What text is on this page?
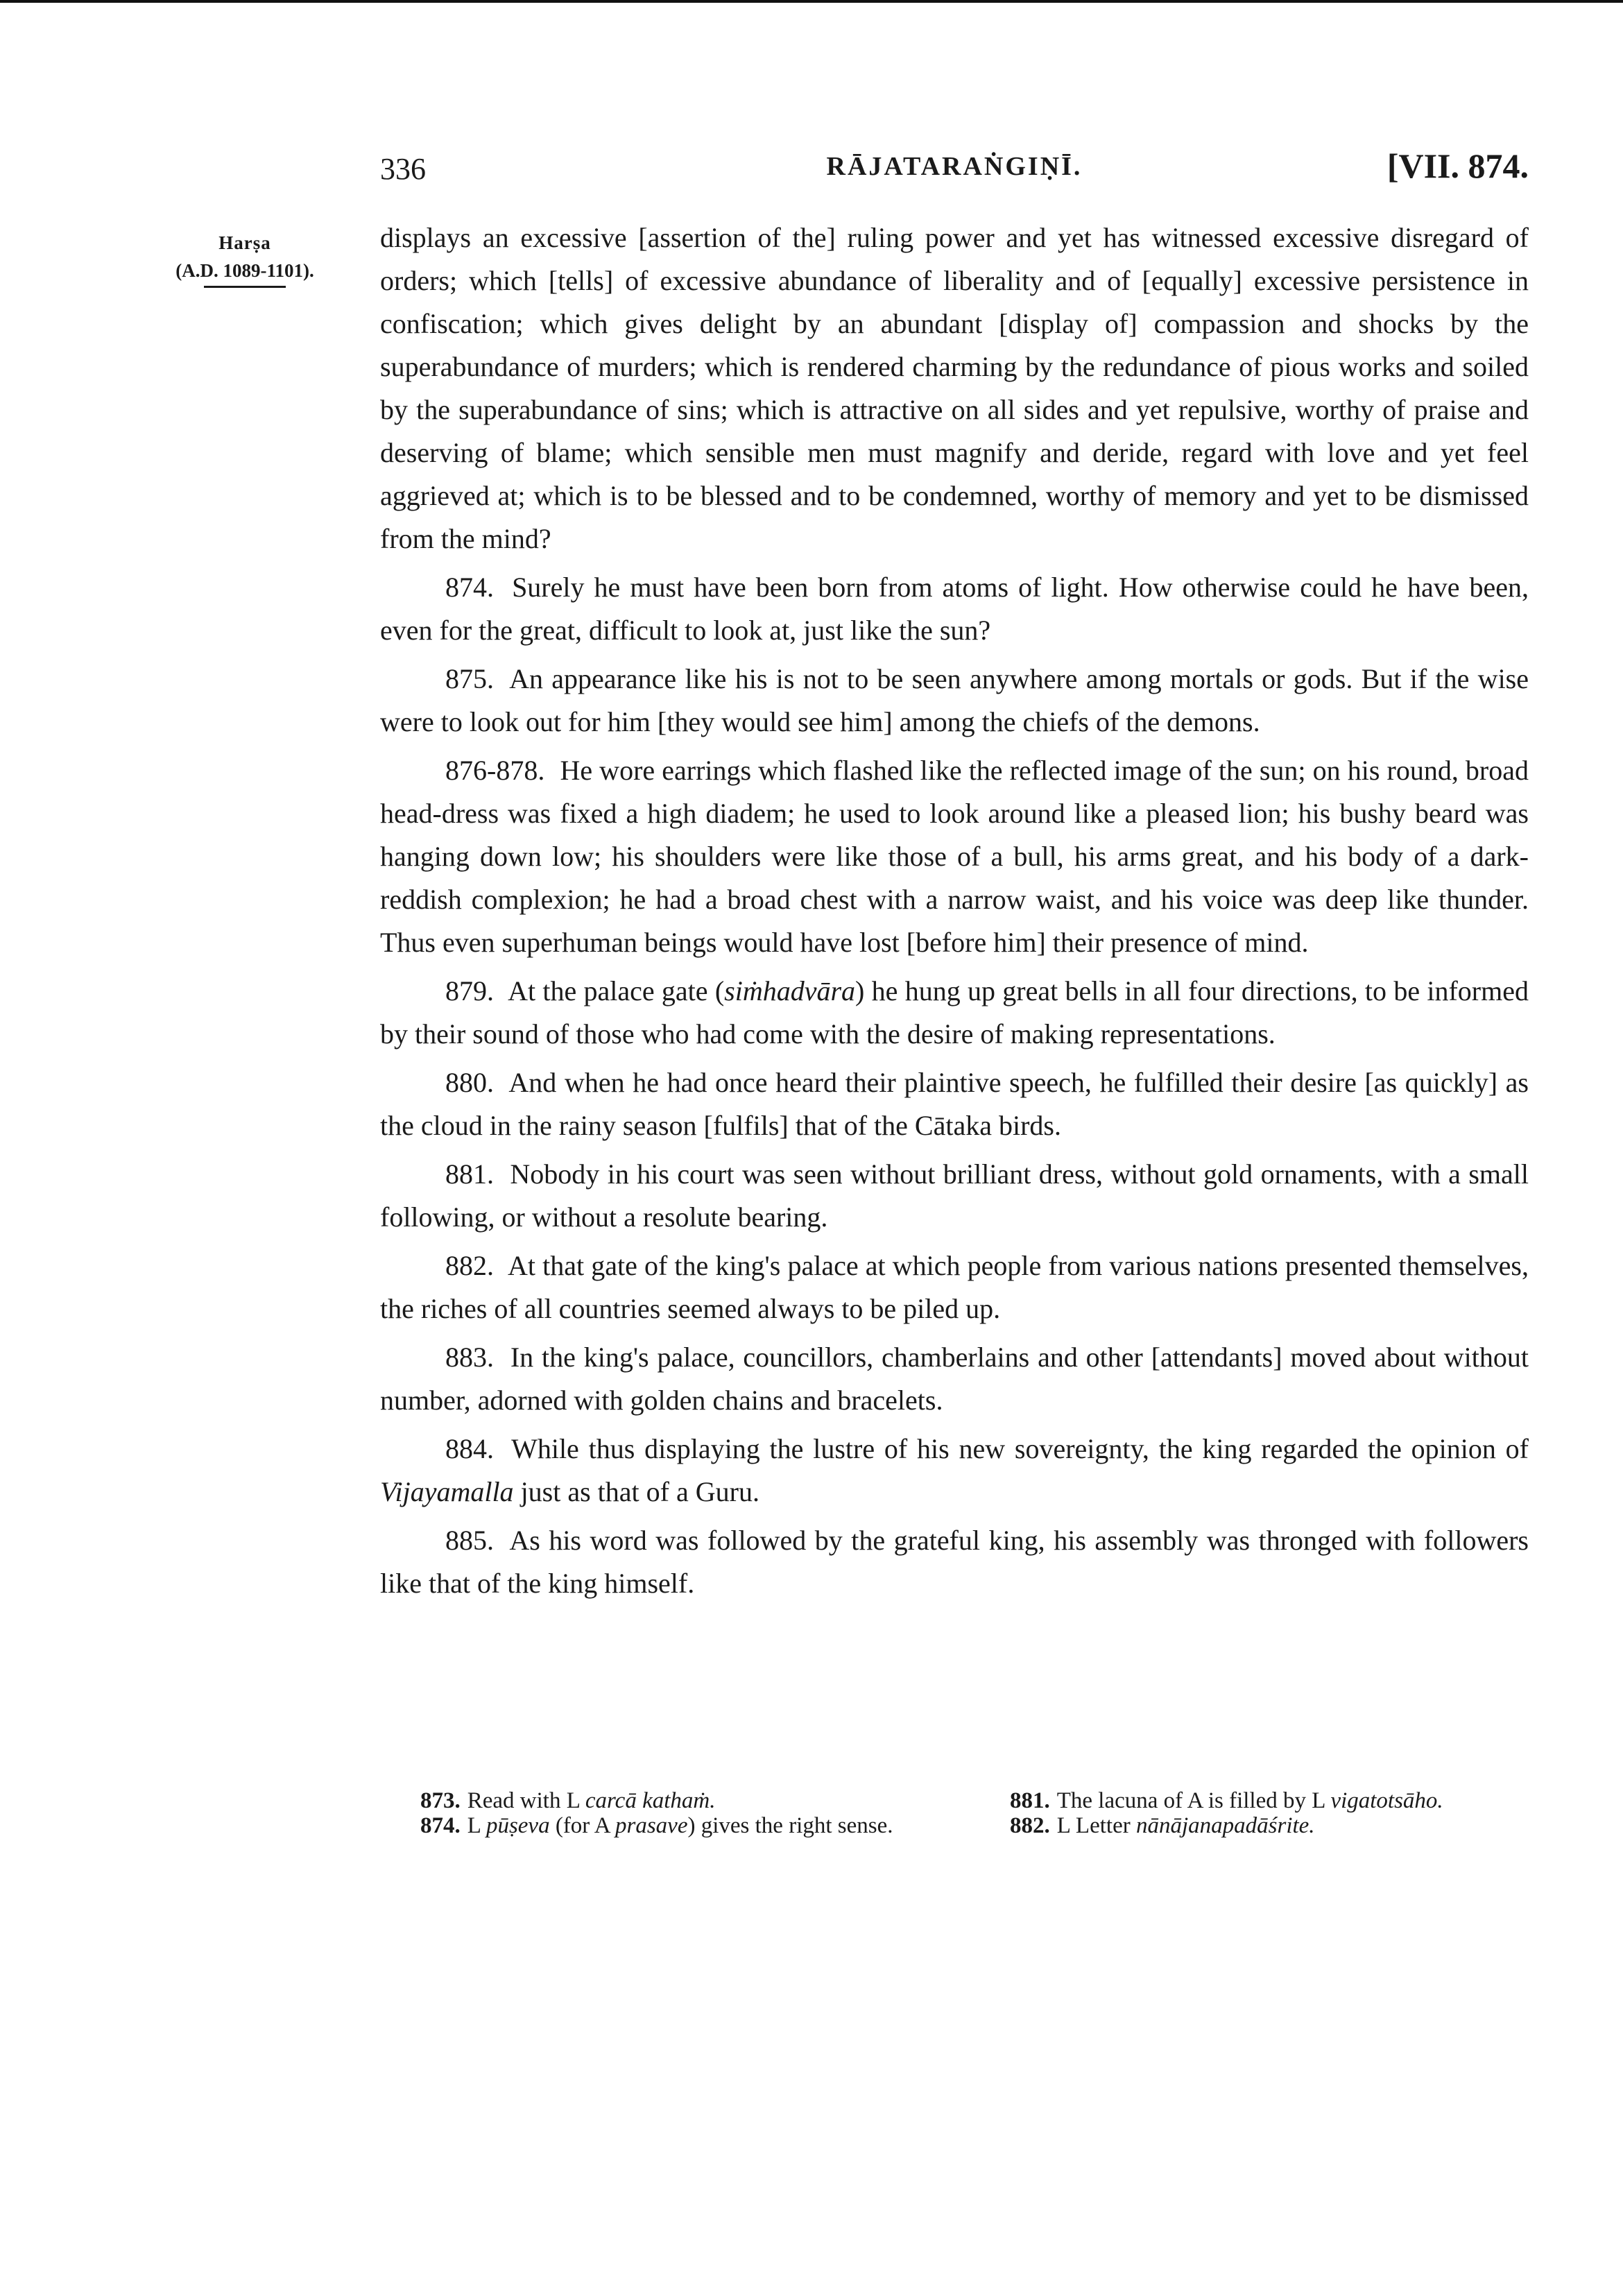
336	RĀJATARAṄGIṆĪ.	[VII. 874.
Harṣa
(A.D. 1089-1101).

displays an excessive [assertion of the] ruling power and yet has witnessed excessive disregard of orders; which [tells] of excessive abundance of liberality and of [equally] excessive persistence in confiscation; which gives delight by an abundant [display of] compassion and shocks by the superabundance of murders; which is rendered charming by the redundance of pious works and soiled by the superabundance of sins; which is attractive on all sides and yet repulsive, worthy of praise and deserving of blame; which sensible men must magnify and deride, regard with love and yet feel aggrieved at; which is to be blessed and to be condemned, worthy of memory and yet to be dismissed from the mind?

874. Surely he must have been born from atoms of light. How otherwise could he have been, even for the great, difficult to look at, just like the sun?

875. An appearance like his is not to be seen anywhere among mortals or gods. But if the wise were to look out for him [they would see him] among the chiefs of the demons.

876-878. He wore earrings which flashed like the reflected image of the sun; on his round, broad head-dress was fixed a high diadem; he used to look around like a pleased lion; his bushy beard was hanging down low; his shoulders were like those of a bull, his arms great, and his body of a dark-reddish complexion; he had a broad chest with a narrow waist, and his voice was deep like thunder. Thus even superhuman beings would have lost [before him] their presence of mind.

879. At the palace gate (siṁhadvāra) he hung up great bells in all four directions, to be informed by their sound of those who had come with the desire of making representations.

880. And when he had once heard their plaintive speech, he fulfilled their desire [as quickly] as the cloud in the rainy season [fulfils] that of the Cātaka birds.

881. Nobody in his court was seen without brilliant dress, without gold ornaments, with a small following, or without a resolute bearing.

882. At that gate of the king's palace at which people from various nations presented themselves, the riches of all countries seemed always to be piled up.

883. In the king's palace, councillors, chamberlains and other [attendants] moved about without number, adorned with golden chains and bracelets.

884. While thus displaying the lustre of his new sovereignty, the king regarded the opinion of Vijayamalla just as that of a Guru.

885. As his word was followed by the grateful king, his assembly was thronged with followers like that of the king himself.

873. Read with L carcā kathaṁ.

874. L pūṣeva (for A prasave) gives the right sense.

881. The lacuna of A is filled by L vigatotsāho.

882. L Letter nānājanapadāśrite.
